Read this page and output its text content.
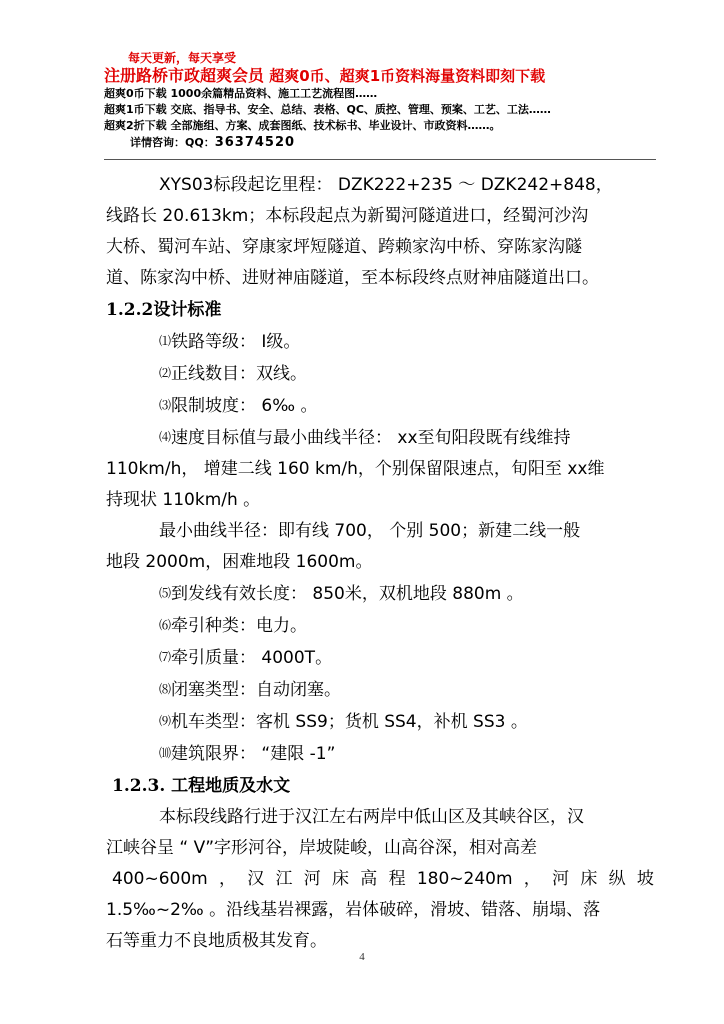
每天更新，每天享受
注册路桥市政超爽会员 超爽0币、超爽1币资料海量资料即刻下载
超爽0币下载 1000余篇精品资料、施工工艺流程图……
超爽1币下载 交底、指导书、安全、总结、表格、QC、质控、管理、预案、工艺、工法……
超爽2折下载 全部施组、方案、成套图纸、技术标书、毕业设计、市政资料……。
详情咨询：QQ：36374520
XYS03标段起讫里程： DZK222+235 ～ DZK242+848，
线路长 20.613km；本标段起点为新蜀河隧道进口，经蜀河沙沟
大桥、蜀河车站、穿康家坪短隧道、跨赖家沟中桥、穿陈家沟隧
道、陈家沟中桥、进财神庙隧道，至本标段终点财神庙隧道出口。
1.2.2设计标准
⑴铁路等级： Ⅰ级。
⑵正线数目：双线。
⑶限制坡度： 6‰ 。
⑷速度目标值与最小曲线半径： xx至旬阳段既有线维持
110km/h， 增建二线 160 km/h，个别保留限速点，旬阳至 xx维
持现状 110km/h 。
最小曲线半径：即有线 700， 个别 500；新建二线一般
地段 2000m，困难地段 1600m。
⑸到发线有效长度： 850米，双机地段 880m 。
⑹牵引种类：电力。
⑺牵引质量： 4000T。
⑻闭塞类型：自动闭塞。
⑼机车类型：客机 SS9；货机 SS4，补机 SS3 。
⑽建筑限界： “建限 -1”
1.2.3. 工程地质及水文
本标段线路行进于汉江左右两岸中低山区及其峡谷区，汉
江峡谷呈 “ V”字形河谷，岸坡陡峻，山高谷深，相对高差
400~600m ， 汉 江 河 床 高 程 180~240m ， 河 床 纵 坡
1.5‰~2‰ 。沿线基岩裸露，岩体破碎，滑坡、错落、崩塌、落
石等重力不良地质极其发育。
4
